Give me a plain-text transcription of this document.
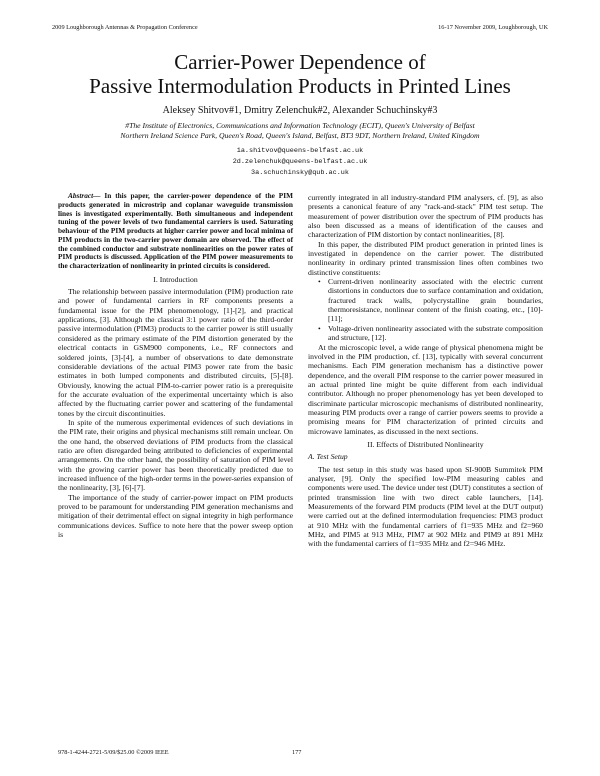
2009 Loughborough Antennas & Propagation Conference	16-17 November 2009, Loughborough, UK
Carrier-Power Dependence of
Passive Intermodulation Products in Printed Lines
Aleksey Shitvov#1, Dmitry Zelenchuk#2, Alexander Schuchinsky#3
#The Institute of Electronics, Communications and Information Technology (ECIT), Queen's University of Belfast
Northern Ireland Science Park, Queen's Road, Queen's Island, Belfast, BT3 9DT, Northern Ireland, United Kingdom
1a.shitvov@queens-belfast.ac.uk
2d.zelenchuk@queens-belfast.ac.uk
3a.schuchinsky@qub.ac.uk

Abstract— In this paper, the carrier-power dependence of the PIM products generated in microstrip and coplanar waveguide transmission lines is investigated experimentally. Both simultaneous and independent tuning of the power levels of two fundamental carriers is used. Saturating behaviour of the PIM products at higher carrier power and local minima of PIM products in the two-carrier power domain are observed. The effect of the combined conductor and substrate nonlinearities on the power rates of PIM products is discussed. Application of the PIM power measurements to the characterization of nonlinearity in printed circuits is considered.

I. Introduction

The relationship between passive intermodulation (PIM) production rate and power of fundamental carriers in RF components presents a fundamental issue for the PIM phenomenology, [1]-[2], and practical applications, [3]. Although the classical 3:1 power ratio of the third-order passive intermodulation (PIM3) products to the carrier power is still usually considered as the primary estimate of the PIM distortion generated by the electrical contacts in GSM900 components, i.e., RF connectors and soldered joints, [3]-[4], a number of observations to date demonstrate considerable deviations of the actual PIM3 power rate from the basic estimates in both lumped components and distributed circuits, [5]-[8]. Obviously, knowing the actual PIM-to-carrier power ratio is a prerequisite for the accurate evaluation of the experimental uncertainty which is also affected by the fluctuating carrier power and scattering of the fundamental tones by the circuit discontinuities.

In spite of the numerous experimental evidences of such deviations in the PIM rate, their origins and physical mechanisms still remain unclear. On the one hand, the observed deviations of PIM products from the classical ratio are often disregarded being attributed to deficiencies of experimental arrangements. On the other hand, the possibility of saturation of PIM level with the growing carrier power has been theoretically predicted due to increased influence of the high-order terms in the power-series expansion of the nonlinearity, [3], [6]-[7].

The importance of the study of carrier-power impact on PIM products proved to be paramount for understanding PIM generation mechanisms and mitigation of their detrimental effect on signal integrity in high performance communications devices. Suffice to note here that the power sweep option is

currently integrated in all industry-standard PIM analysers, cf. [9], as also presents a canonical feature of any "rack-and-stack" PIM test setup. The measurement of power distribution over the spectrum of PIM products has also been discussed as a means of identification of the causes and characterization of PIM distortion by contact nonlinearities, [8].

In this paper, the distributed PIM product generation in printed lines is investigated in dependence on the carrier power. The distributed nonlinearity in ordinary printed transmission lines often combines two distinctive constituents:

• Current-driven nonlinearity associated with the electric current distortions in conductors due to surface contamination and oxidation, fractured track walls, polycrystalline grain boundaries, thermoresistance, nonlinear content of the finish coating, etc., [10]-[11];
• Voltage-driven nonlinearity associated with the substrate composition and structure, [12].

At the microscopic level, a wide range of physical phenomena might be involved in the PIM production, cf. [13], typically with several concurrent mechanisms. Each PIM generation mechanism has a distinctive power dependence, and the overall PIM response to the carrier power measured in an actual printed line might be quite different from each individual contributor. Although no proper phenomenology has yet been developed to discriminate particular microscopic mechanisms of distributed nonlinearity, measuring PIM products over a range of carrier powers seems to provide a promising means for PIM characterization of printed circuits and microwave laminates, as discussed in the next sections.

II. Effects of Distributed Nonlinearity
A. Test Setup

The test setup in this study was based upon SI-900B Summitek PIM analyser, [9]. Only the specified low-PIM measuring cables and components were used. The device under test (DUT) constitutes a section of printed transmission line with two direct cable launchers, [14]. Measurements of the forward PIM products (PIM level at the DUT output) were carried out at the defined intermodulation frequencies: PIM3 product at 910 MHz with the fundamental carriers of f1=935 MHz and f2=960 MHz, and PIM5 at 913 MHz, PIM7 at 902 MHz and PIM9 at 891 MHz with the fundamental carriers of f1=935 MHz and f2=946 MHz.

978-1-4244-2721-5/09/$25.00 ©2009 IEEE	177
